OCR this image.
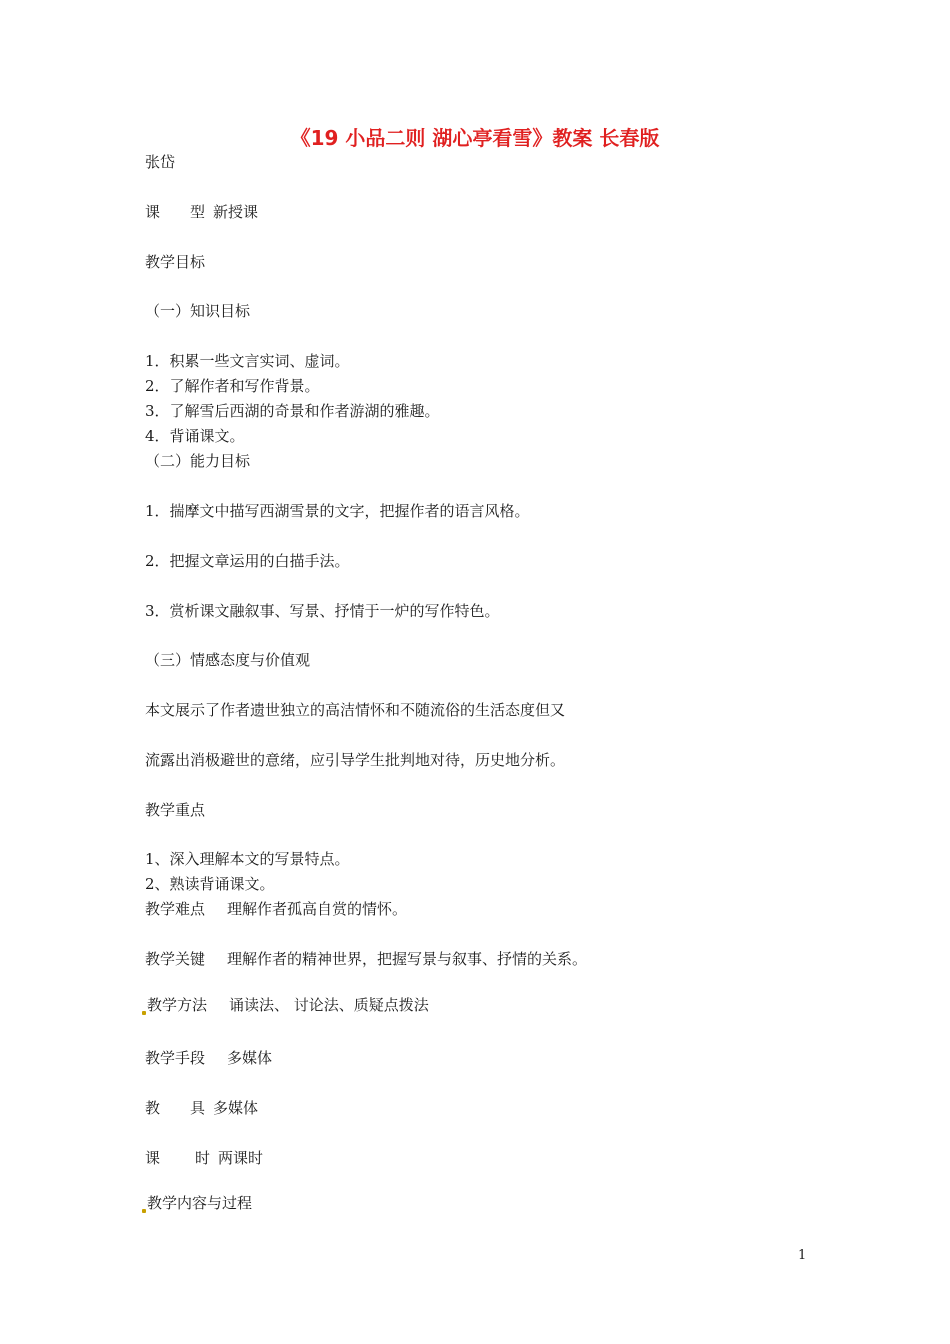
《19 小品二则 湖心亭看雪》教案 长春版
张岱
课 型 新授课
教学目标
（一）知识目标
1．积累一些文言实词、虚词。
2．了解作者和写作背景。
3．了解雪后西湖的奇景和作者游湖的雅趣。
4．背诵课文。
（二）能力目标
1．揣摩文中描写西湖雪景的文字，把握作者的语言风格。
2．把握文章运用的白描手法。
3．赏析课文融叙事、写景、抒情于一炉的写作特色。
（三）情感态度与价值观
本文展示了作者遗世独立的高洁情怀和不随流俗的生活态度但又
流露出消极避世的意绪，应引导学生批判地对待，历史地分析。
教学重点
1、深入理解本文的写景特点。
2、熟读背诵课文。
教学难点 理解作者孤高自赏的情怀。
教学关键 理解作者的精神世界，把握写景与叙事、抒情的关系。
教学方法 诵读法、 讨论法、质疑点拨法
教学手段 多媒体
教 具 多媒体
课 时 两课时
教学内容与过程
1
